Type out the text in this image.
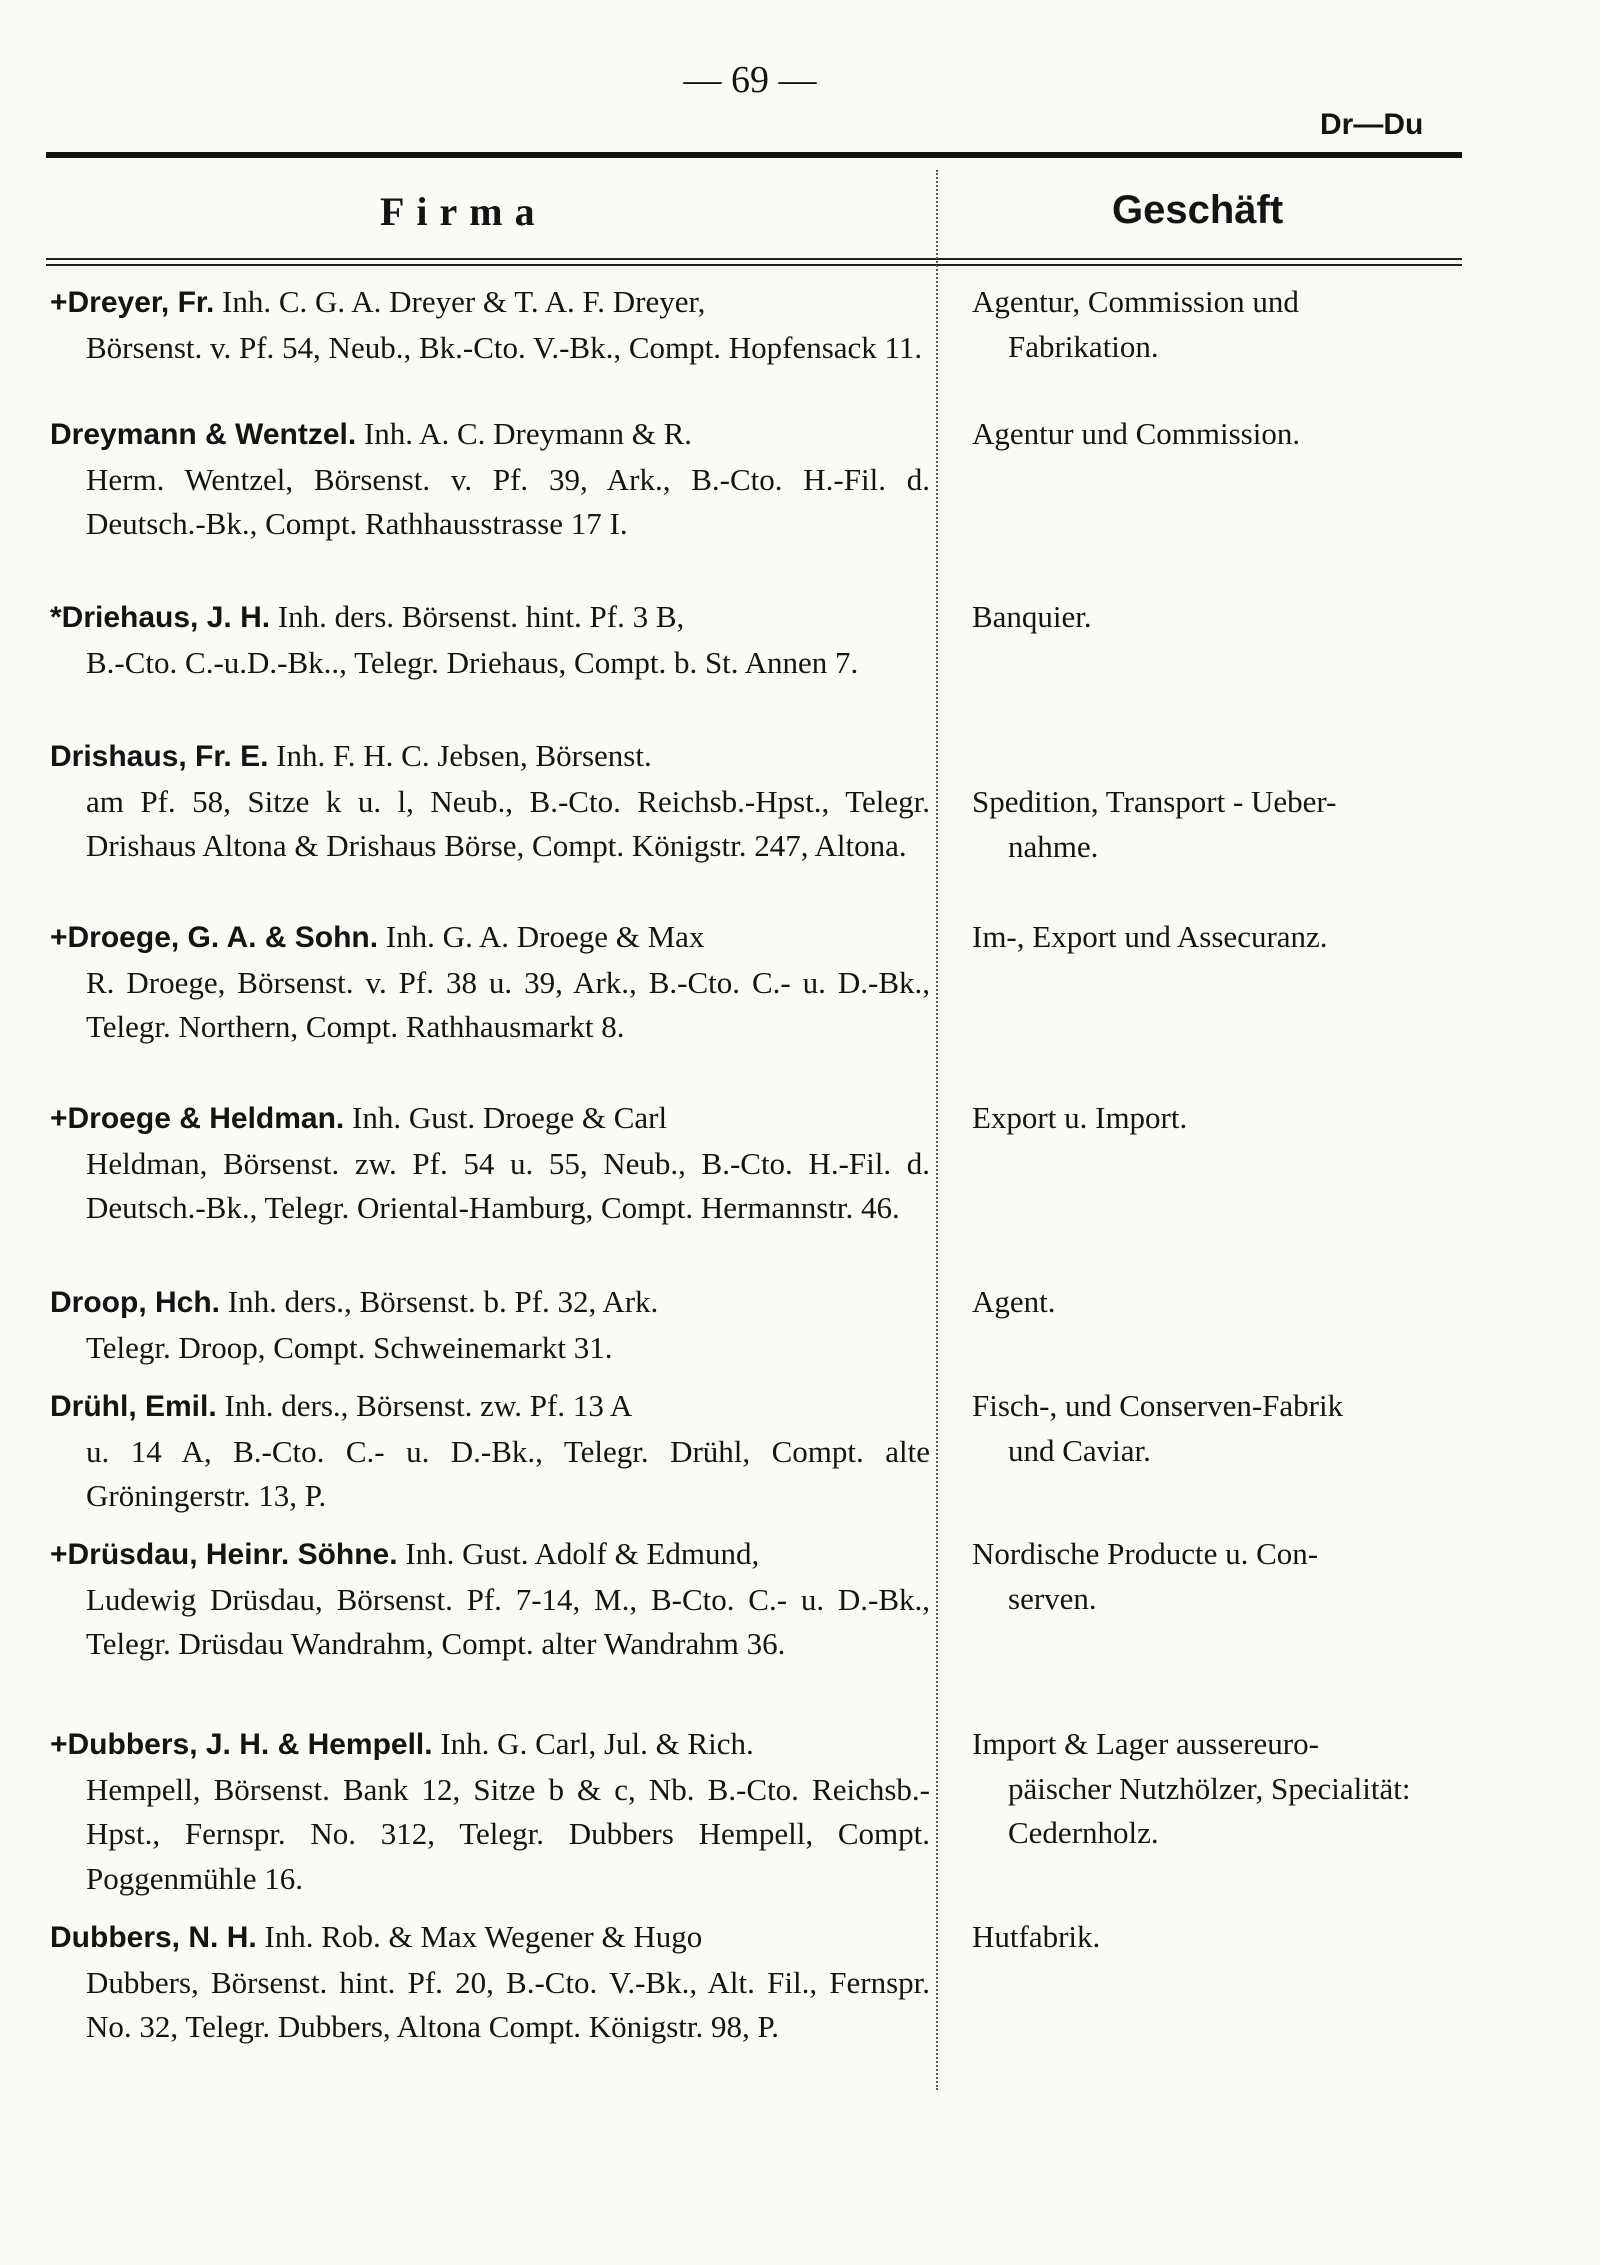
— 69 —
Dr—Du
Firma	Geschäft
+Dreyer, Fr. Inh. C. G. A. Dreyer & T. A. F. Dreyer,
Börsenst. v. Pf. 54, Neub., Bk.-Cto. V.-Bk., Compt. Hopfensack 11.
Agentur, Commission und
Fabrikation.
Dreymann & Wentzel. Inh. A. C. Dreymann & R.
Herm. Wentzel, Börsenst. v. Pf. 39, Ark., B.-Cto. H.-Fil. d. Deutsch.-Bk., Compt. Rathhausstrasse 17 I.
Agentur und Commission.
*Driehaus, J. H. Inh. ders. Börsenst. hint. Pf. 3 B,
B.-Cto. C.-u.D.-Bk.., Telegr. Driehaus, Compt. b. St. Annen 7.
Banquier.
Drishaus, Fr. E. Inh. F. H. C. Jebsen, Börsenst.
am Pf. 58, Sitze k u. l, Neub., B.-Cto. Reichsb.-Hpst., Telegr. Drishaus Altona & Drishaus Börse, Compt. Königstr. 247, Altona.
Spedition, Transport - Ueber-
nahme.
+Droege, G. A. & Sohn. Inh. G. A. Droege & Max
R. Droege, Börsenst. v. Pf. 38 u. 39, Ark., B.-Cto. C.- u. D.-Bk., Telegr. Northern, Compt. Rathhausmarkt 8.
Im-, Export und Assecuranz.
+Droege & Heldman. Inh. Gust. Droege & Carl
Heldman, Börsenst. zw. Pf. 54 u. 55, Neub., B.-Cto. H.-Fil. d. Deutsch.-Bk., Telegr. Oriental-Hamburg, Compt. Hermannstr. 46.
Export u. Import.
Droop, Hch. Inh. ders., Börsenst. b. Pf. 32, Ark.
Telegr. Droop, Compt. Schweinemarkt 31.
Agent.
Drühl, Emil. Inh. ders., Börsenst. zw. Pf. 13 A
u. 14 A, B.-Cto. C.- u. D.-Bk., Telegr. Drühl, Compt. alte Gröningerstr. 13, P.
Fisch-, und Conserven-Fabrik
und Caviar.
+Drüsdau, Heinr. Söhne. Inh. Gust. Adolf & Edmund,
Ludewig Drüsdau, Börsenst. Pf. 7-14, M., B-Cto. C.- u. D.-Bk., Telegr. Drüsdau Wandrahm, Compt. alter Wandrahm 36.
Nordische Producte u. Con-
serven.
+Dubbers, J. H. & Hempell. Inh. G. Carl, Jul. & Rich.
Hempell, Börsenst. Bank 12, Sitze b & c, Nb. B.-Cto. Reichsb.-Hpst., Fernspr. No. 312, Telegr. Dubbers Hempell, Compt. Poggenmühle 16.
Import & Lager aussereuro-
päischer Nutzhölzer, Specialität: Cedernholz.
Dubbers, N. H. Inh. Rob. & Max Wegener & Hugo
Dubbers, Börsenst. hint. Pf. 20, B.-Cto. V.-Bk., Alt. Fil., Fernspr. No. 32, Telegr. Dubbers, Altona Compt. Königstr. 98, P.
Hutfabrik.
